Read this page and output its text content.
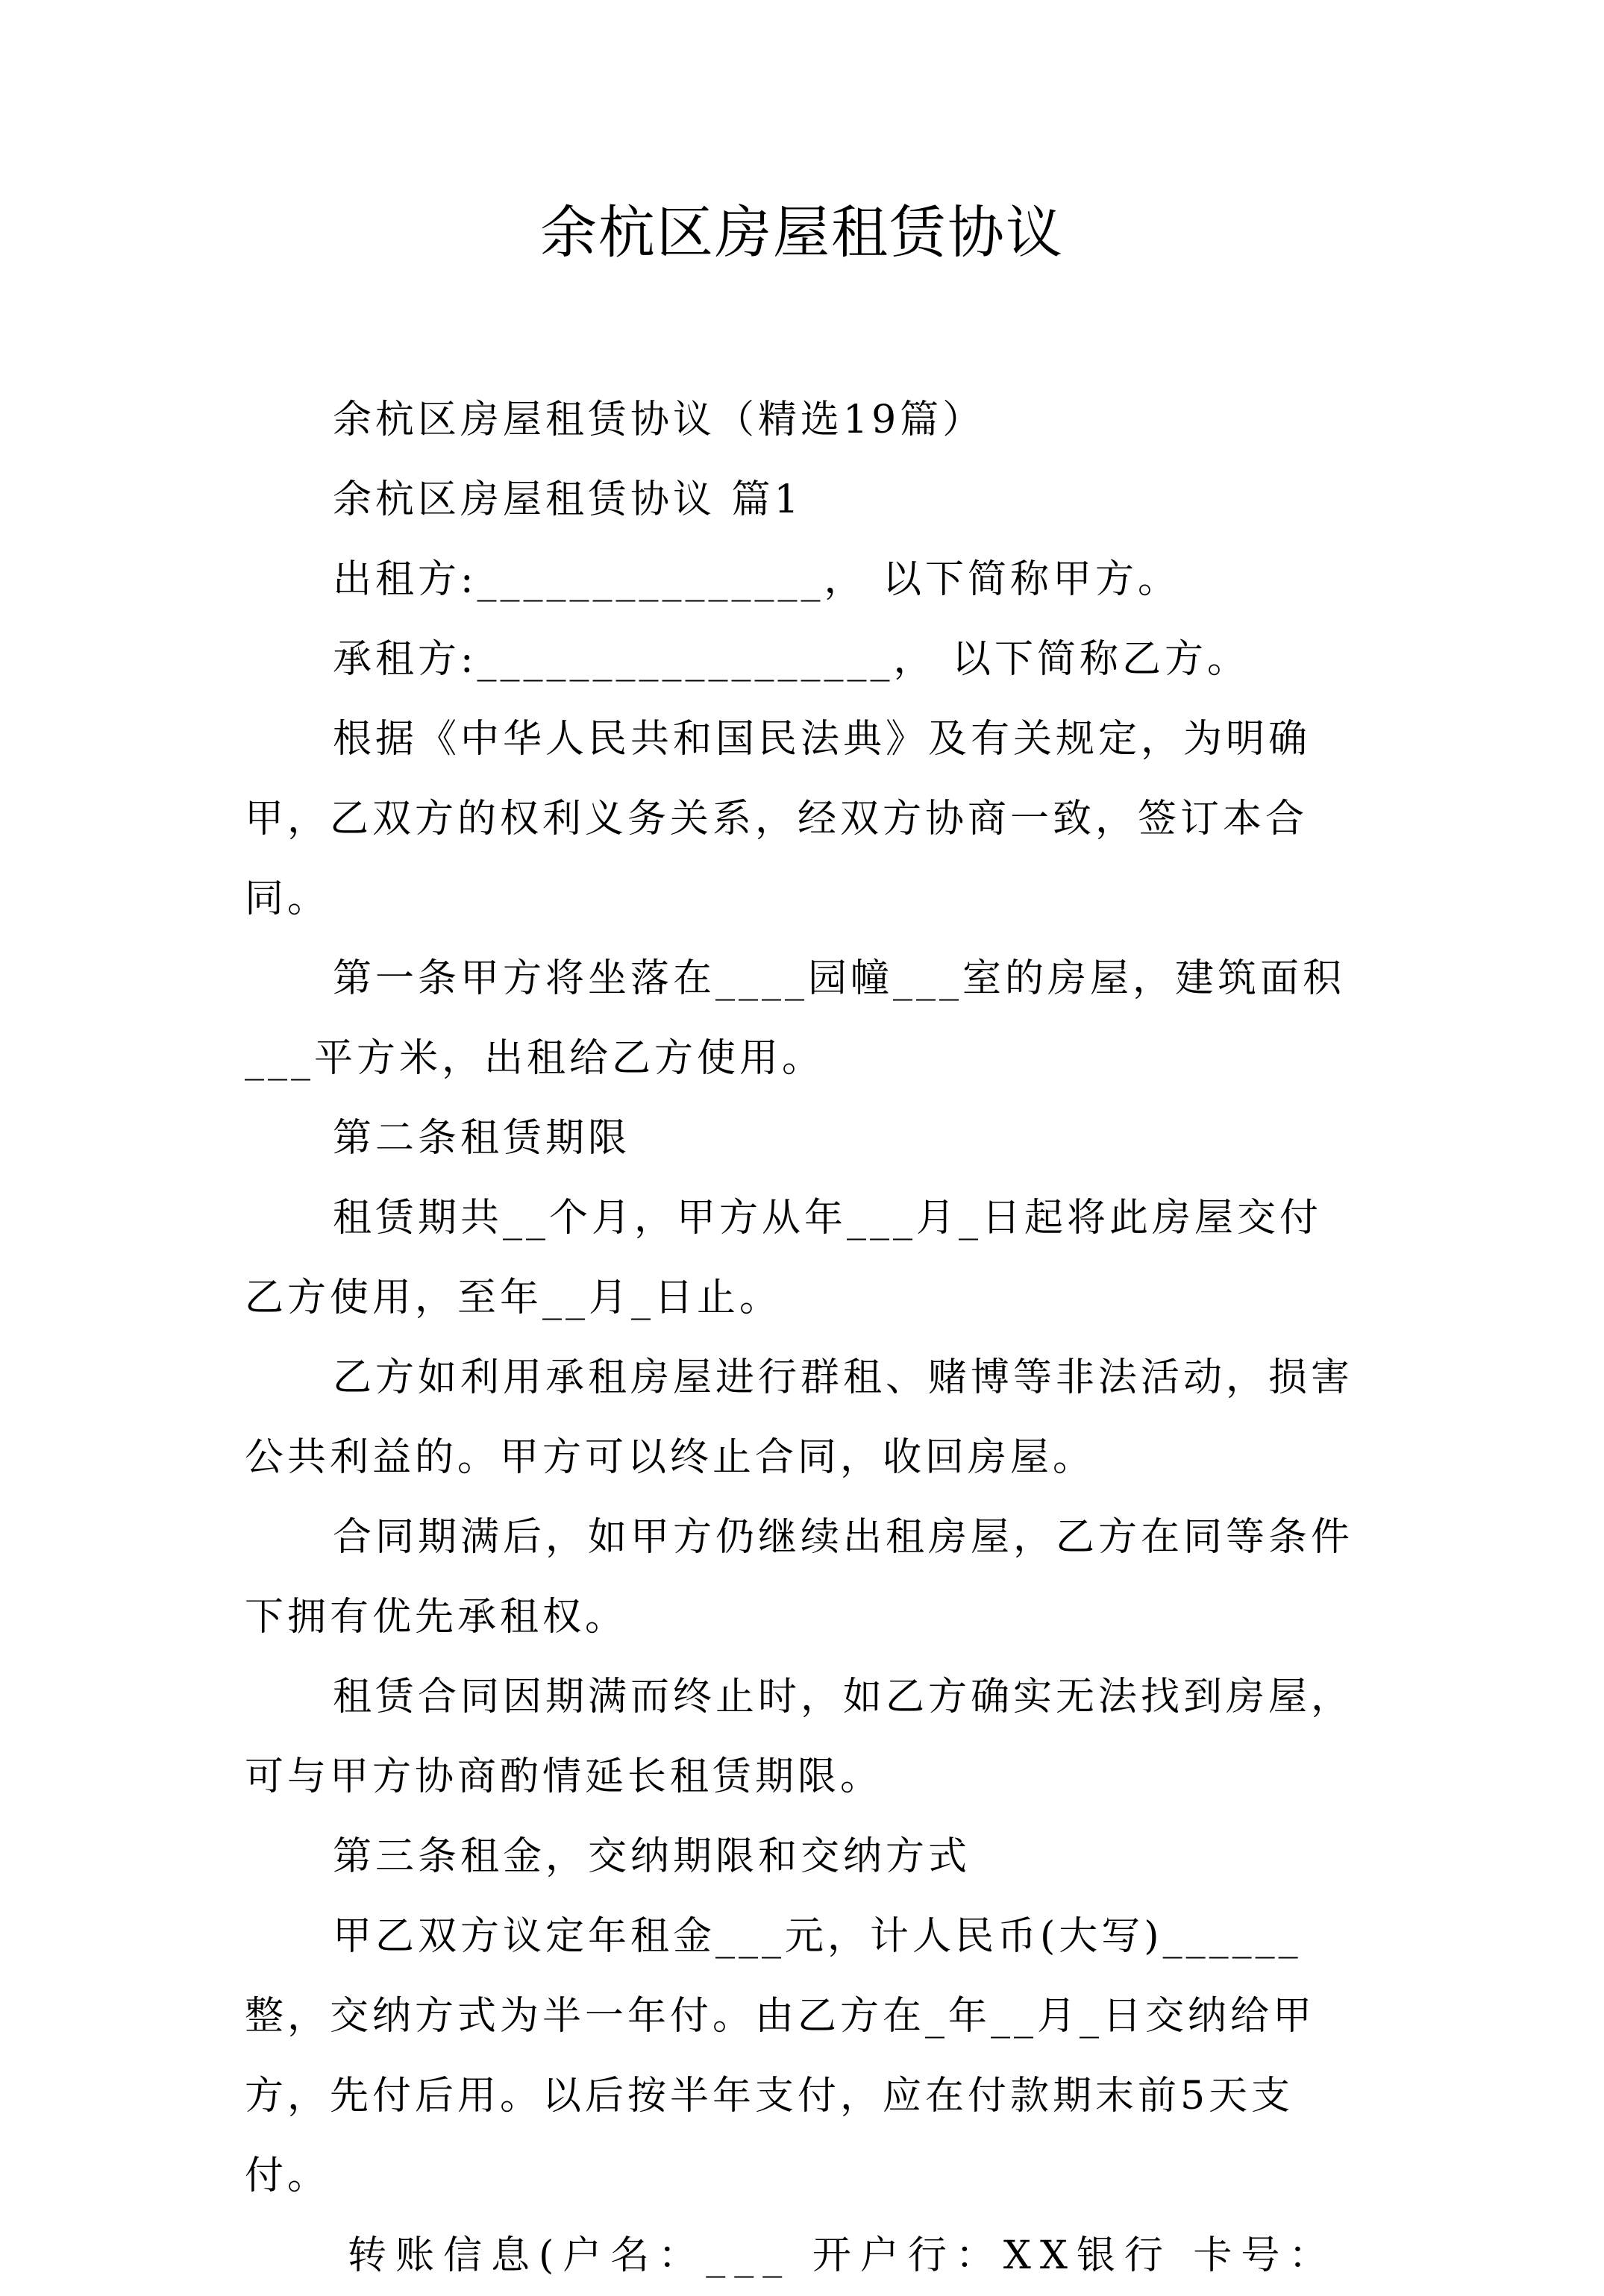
余杭区房屋租赁协议

余杭区房屋租赁协议（精选19篇）

余杭区房屋租赁协议 篇1

出租方:_______________， 以下简称甲方。

承租方:__________________， 以下简称乙方。

根据《中华人民共和国民法典》及有关规定，为明确甲，乙双方的权利义务关系，经双方协商一致，签订本合同。

第一条甲方将坐落在____园幢___室的房屋，建筑面积___平方米，出租给乙方使用。

第二条租赁期限

租赁期共__个月，甲方从年___月_日起将此房屋交付乙方使用，至年__月_日止。

乙方如利用承租房屋进行群租、赌博等非法活动，损害公共利益的。甲方可以终止合同，收回房屋。

合同期满后，如甲方仍继续出租房屋，乙方在同等条件下拥有优先承租权。

租赁合同因期满而终止时，如乙方确实无法找到房屋，可与甲方协商酌情延长租赁期限。

第三条租金，交纳期限和交纳方式

甲乙双方议定年租金___元，计人民币(大写)______整，交纳方式为半一年付。由乙方在_年__月_日交纳给甲方，先付后用。以后按半年支付，应在付款期末前5天支付。

转账信息(户名：___ 开户行：XX银行 卡号：
